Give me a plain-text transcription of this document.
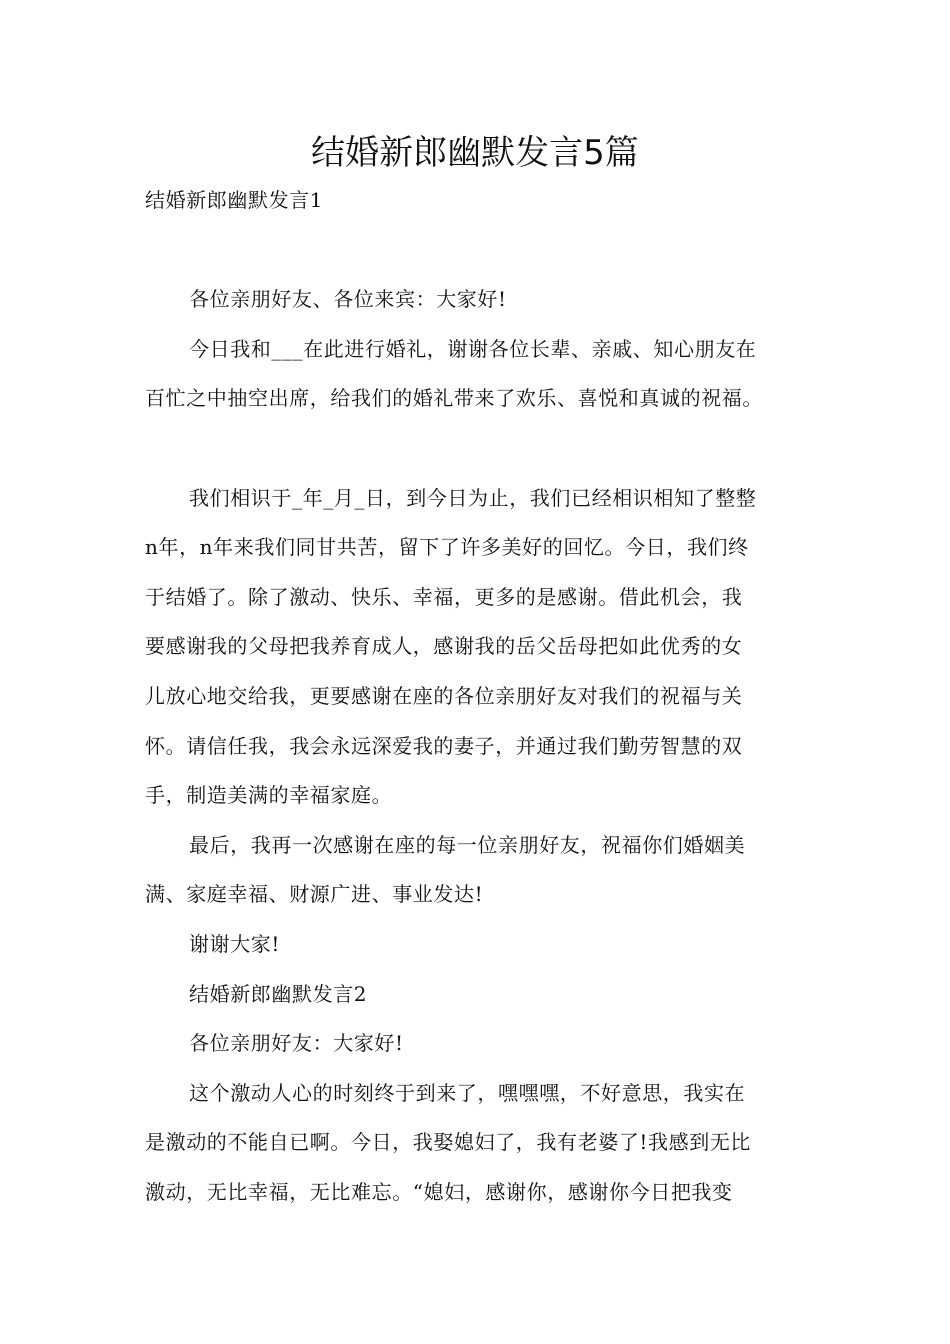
结婚新郎幽默发言5篇

结婚新郎幽默发言1

各位亲朋好友、各位来宾：大家好!

今日我和___在此进行婚礼，谢谢各位长辈、亲戚、知心朋友在

百忙之中抽空出席，给我们的婚礼带来了欢乐、喜悦和真诚的祝福。

我们相识于_年_月_日，到今日为止，我们已经相识相知了整整

n年，n年来我们同甘共苦，留下了许多美好的回忆。今日，我们终

于结婚了。除了激动、快乐、幸福，更多的是感谢。借此机会，我

要感谢我的父母把我养育成人，感谢我的岳父岳母把如此优秀的女

儿放心地交给我，更要感谢在座的各位亲朋好友对我们的祝福与关

怀。请信任我，我会永远深爱我的妻子，并通过我们勤劳智慧的双

手，制造美满的幸福家庭。

最后，我再一次感谢在座的每一位亲朋好友，祝福你们婚姻美

满、家庭幸福、财源广进、事业发达!

谢谢大家!

结婚新郎幽默发言2

各位亲朋好友：大家好!

这个激动人心的时刻终于到来了，嘿嘿嘿，不好意思，我实在

是激动的不能自已啊。今日，我娶媳妇了，我有老婆了!我感到无比

激动，无比幸福，无比难忘。“媳妇，感谢你，感谢你今日把我变
